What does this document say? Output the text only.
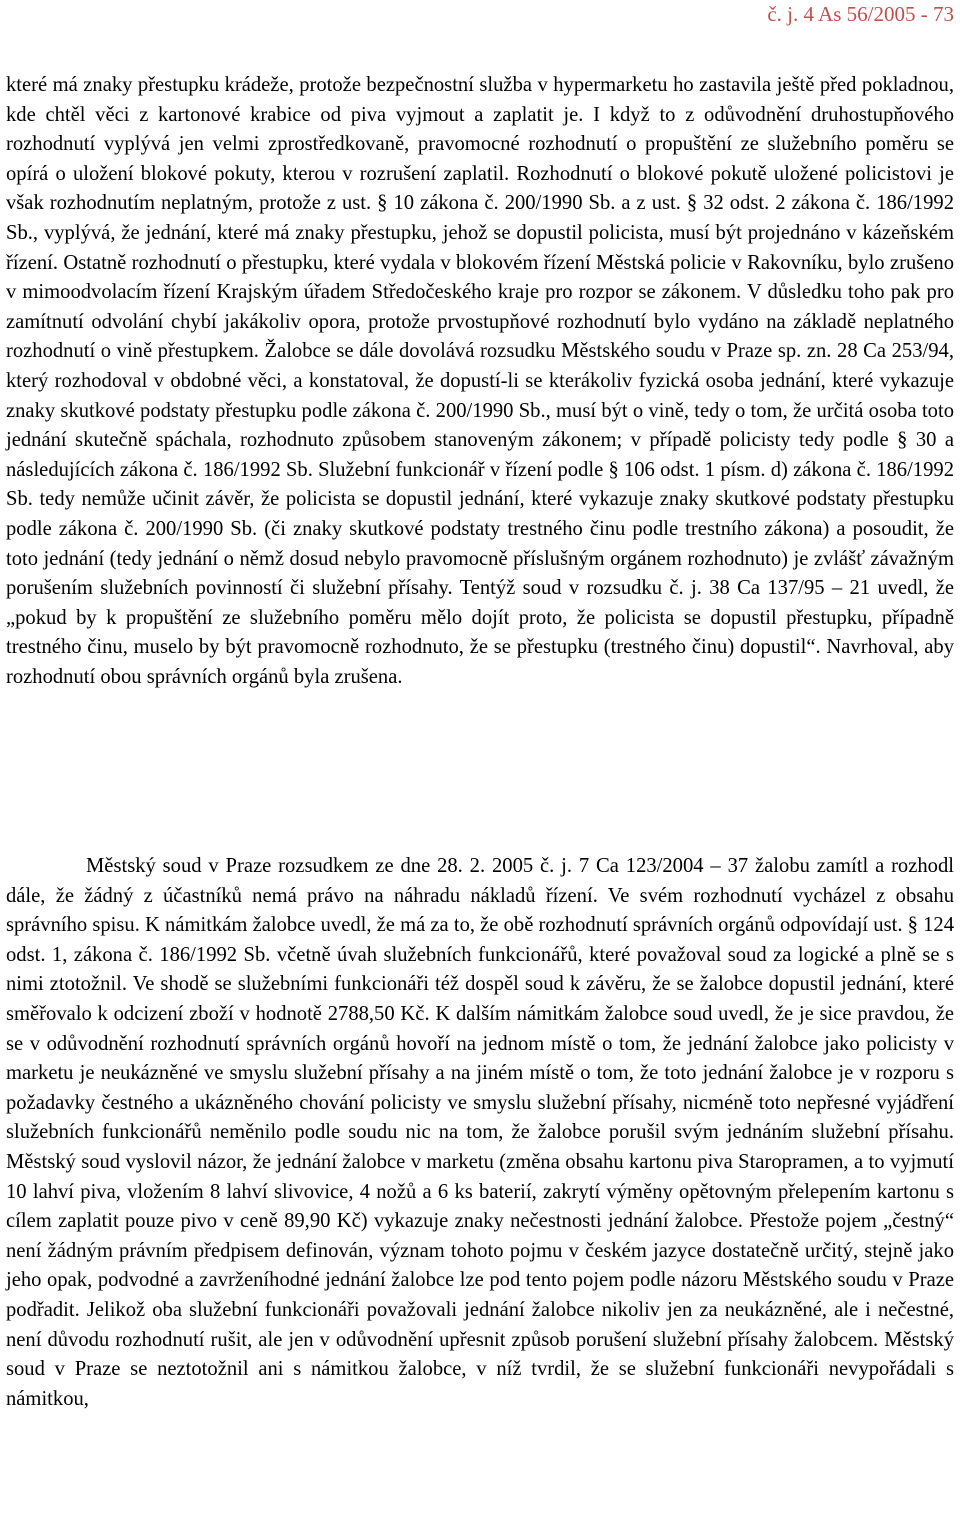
č. j. 4 As 56/2005 - 73

které má znaky přestupku krádeže, protože bezpečnostní služba v hypermarketu ho zastavila ještě před pokladnou, kde chtěl věci z kartonové krabice od piva vyjmout a zaplatit je. I když to z odůvodnění druhostupňového rozhodnutí vyplývá jen velmi zprostředkovaně, pravomocné rozhodnutí o propuštění ze služebního poměru se opírá o uložení blokové pokuty, kterou v rozrušení zaplatil. Rozhodnutí o blokové pokutě uložené policistovi je však rozhodnutím neplatným, protože z ust. § 10 zákona č. 200/1990 Sb. a z ust. § 32 odst. 2 zákona č. 186/1992 Sb., vyplývá, že jednání, které má znaky přestupku, jehož se dopustil policista, musí být projednáno v kázeňském řízení. Ostatně rozhodnutí o přestupku, které vydala v blokovém řízení Městská policie v Rakovníku, bylo zrušeno v mimoodvolacím řízení Krajským úřadem Středočeského kraje pro rozpor se zákonem. V důsledku toho pak pro zamítnutí odvolání chybí jakákoliv opora, protože prvostupňové rozhodnutí bylo vydáno na základě neplatného rozhodnutí o vině přestupkem. Žalobce se dále dovolává rozsudku Městského soudu v Praze sp. zn. 28 Ca 253/94, který rozhodoval v obdobné věci, a konstatoval, že dopustí-li se kterákoliv fyzická osoba jednání, které vykazuje znaky skutkové podstaty přestupku podle zákona č. 200/1990 Sb., musí být o vině, tedy o tom, že určitá osoba toto jednání skutečně spáchala, rozhodnuto způsobem stanoveným zákonem; v případě policisty tedy podle § 30 a následujících zákona č. 186/1992 Sb. Služební funkcionář v řízení podle § 106 odst. 1 písm. d) zákona č. 186/1992 Sb. tedy nemůže učinit závěr, že policista se dopustil jednání, které vykazuje znaky skutkové podstaty přestupku podle zákona č. 200/1990 Sb. (či znaky skutkové podstaty trestného činu podle trestního zákona) a posoudit, že toto jednání (tedy jednání o němž dosud nebylo pravomocně příslušným orgánem rozhodnuto) je zvlášť závažným porušením služebních povinností či služební přísahy. Tentýž soud v rozsudku č. j. 38 Ca 137/95 – 21 uvedl, že „pokud by k propuštění ze služebního poměru mělo dojít proto, že policista se dopustil přestupku, případně trestného činu, muselo by být pravomocně rozhodnuto, že se přestupku (trestného činu) dopustil“. Navrhoval, aby rozhodnutí obou správních orgánů byla zrušena.

Městský soud v Praze rozsudkem ze dne 28. 2. 2005 č. j. 7 Ca 123/2004 – 37 žalobu zamítl a rozhodl dále, že žádný z účastníků nemá právo na náhradu nákladů řízení. Ve svém rozhodnutí vycházel z obsahu správního spisu. K námitkám žalobce uvedl, že má za to, že obě rozhodnutí správních orgánů odpovídají ust. § 124 odst. 1, zákona č. 186/1992 Sb. včetně úvah služebních funkcionářů, které považoval soud za logické a plně se s nimi ztotožnil. Ve shodě se služebními funkcionáři též dospěl soud k závěru, že se žalobce dopustil jednání, které směřovalo k odcizení zboží v hodnotě 2788,50 Kč. K dalším námitkám žalobce soud uvedl, že je sice pravdou, že se v odůvodnění rozhodnutí správních orgánů hovoří na jednom místě o tom, že jednání žalobce jako policisty v marketu je neukázněné ve smyslu služební přísahy a na jiném místě o tom, že toto jednání žalobce je v rozporu s požadavky čestného a ukázněného chování policisty ve smyslu služební přísahy, nicméně toto nepřesné vyjádření služebních funkcionářů neměnilo podle soudu nic na tom, že žalobce porušil svým jednáním služební přísahu. Městský soud vyslovil názor, že jednání žalobce v marketu (změna obsahu kartonu piva Staropramen, a to vyjmutí 10 lahví piva, vložením 8 lahví slivovice, 4 nožů a 6 ks baterií, zakrytí výměny opětovným přelepením kartonu s cílem zaplatit pouze pivo v ceně 89,90 Kč) vykazuje znaky nečestnosti jednání žalobce. Přestože pojem „čestný“ není žádným právním předpisem definován, význam tohoto pojmu v českém jazyce dostatečně určitý, stejně jako jeho opak, podvodné a zavrženíhodné jednání žalobce lze pod tento pojem podle názoru Městského soudu v Praze podřadit. Jelikož oba služební funkcionáři považovali jednání žalobce nikoliv jen za neukázněné, ale i nečestné, není důvodu rozhodnutí rušit, ale jen v odůvodnění upřesnit způsob porušení služební přísahy žalobcem. Městský soud v Praze se neztotožnil ani s námitkou žalobce, v níž tvrdil, že se služební funkcionáři nevypořádali s námitkou,
